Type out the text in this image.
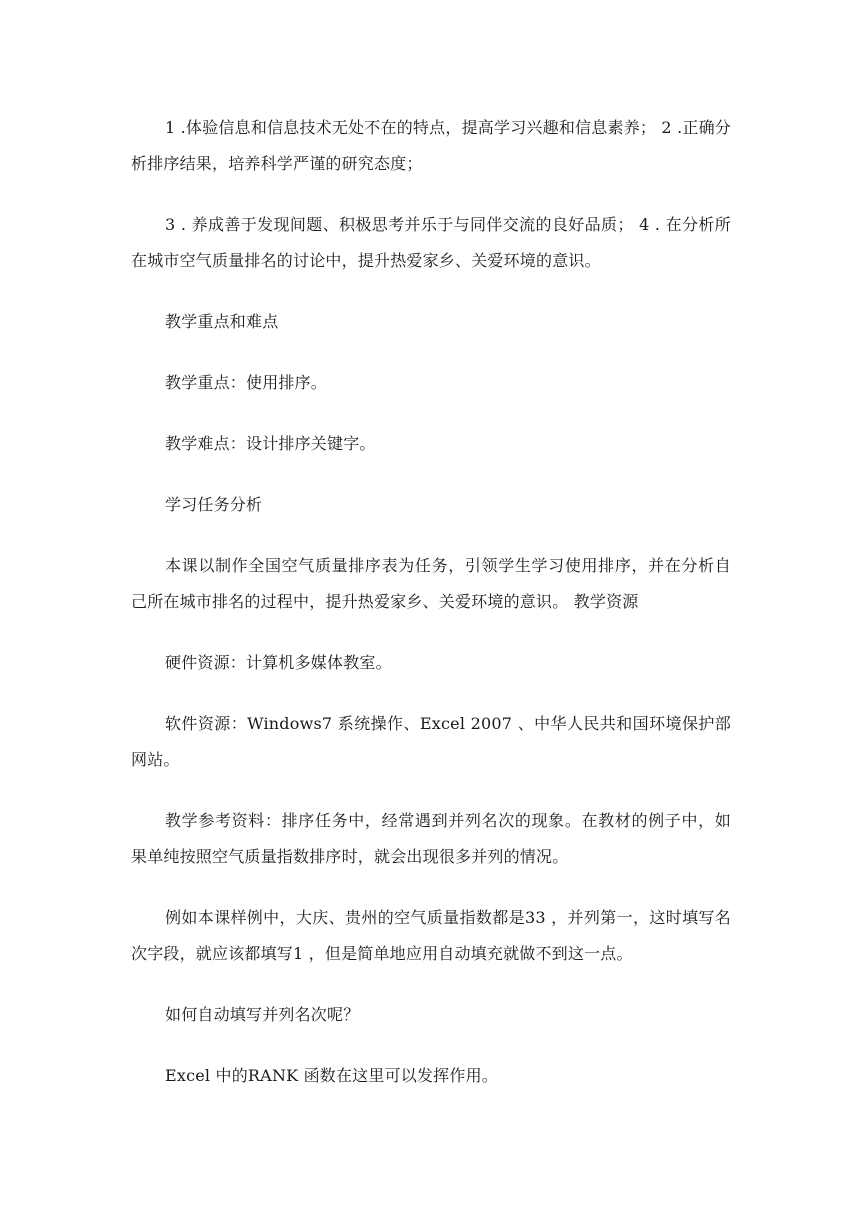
1 .体验信息和信息技术无处不在的特点，提高学习兴趣和信息素养； 2 .正确分析排序结果，培养科学严谨的研究态度；

3 . 养成善于发现间题、积极思考并乐于与同伴交流的良好品质； 4 . 在分析所在城市空气质量排名的讨论中，提升热爱家乡、关爱环境的意识。

教学重点和难点

教学重点：使用排序。

教学难点：设计排序关键字。

学习任务分析

本课以制作全国空气质量排序表为任务，引领学生学习使用排序，并在分析自己所在城市排名的过程中，提升热爱家乡、关爱环境的意识。 教学资源

硬件资源：计算机多媒体教室。

软件资源：Windows7 系统操作、Excel 2007 、中华人民共和国环境保护部网站。

教学参考资料：排序任务中，经常遇到并列名次的现象。在教材的例子中，如果单纯按照空气质量指数排序时，就会出现很多并列的情况。

例如本课样例中，大庆、贵州的空气质量指数都是33 ，并列第一，这时填写名次字段，就应该都填写1 ，但是简单地应用自动填充就做不到这一点。

如何自动填写并列名次呢？

Excel 中的RANK 函数在这里可以发挥作用。
